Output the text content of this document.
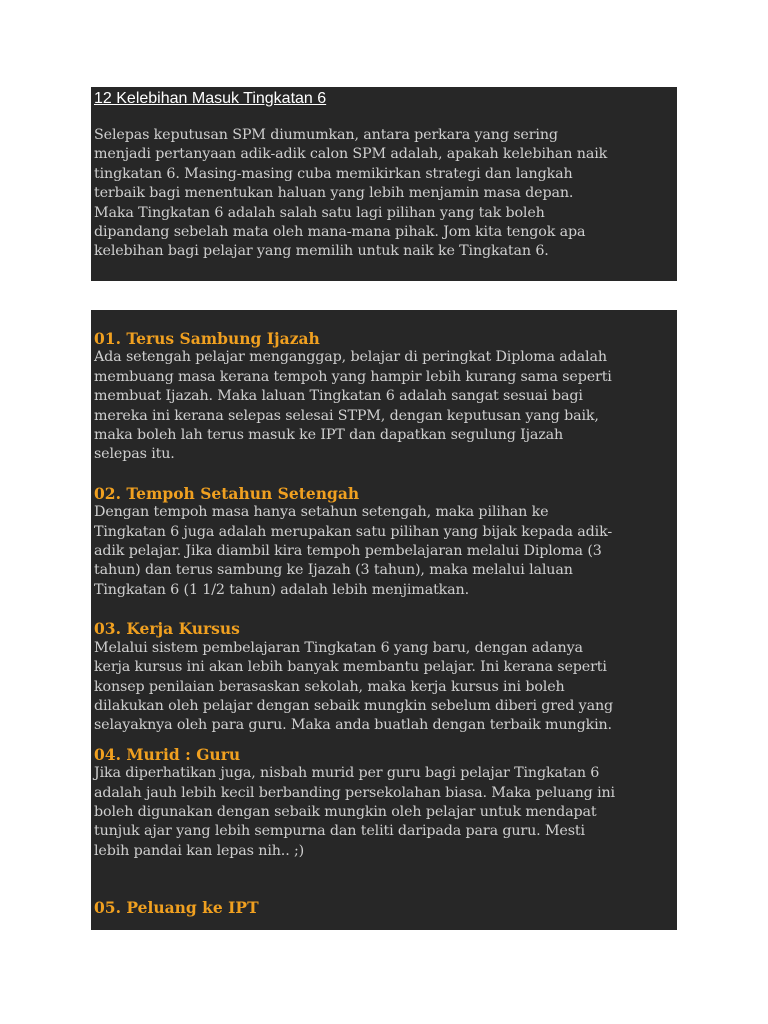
12 Kelebihan Masuk Tingkatan 6
Selepas keputusan SPM diumumkan, antara perkara yang sering
menjadi pertanyaan adik-adik calon SPM adalah, apakah kelebihan naik
tingkatan 6. Masing-masing cuba memikirkan strategi dan langkah
terbaik bagi menentukan haluan yang lebih menjamin masa depan.
Maka Tingkatan 6 adalah salah satu lagi pilihan yang tak boleh
dipandang sebelah mata oleh mana-mana pihak. Jom kita tengok apa
kelebihan bagi pelajar yang memilih untuk naik ke Tingkatan 6.
01. Terus Sambung Ijazah
Ada setengah pelajar menganggap, belajar di peringkat Diploma adalah
membuang masa kerana tempoh yang hampir lebih kurang sama seperti
membuat Ijazah. Maka laluan Tingkatan 6 adalah sangat sesuai bagi
mereka ini kerana selepas selesai STPM, dengan keputusan yang baik,
maka boleh lah terus masuk ke IPT dan dapatkan segulung Ijazah
selepas itu.
02. Tempoh Setahun Setengah
Dengan tempoh masa hanya setahun setengah, maka pilihan ke
Tingkatan 6 juga adalah merupakan satu pilihan yang bijak kepada adik-
adik pelajar. Jika diambil kira tempoh pembelajaran melalui Diploma (3
tahun) dan terus sambung ke Ijazah (3 tahun), maka melalui laluan
Tingkatan 6 (1 1/2 tahun) adalah lebih menjimatkan.
03. Kerja Kursus
Melalui sistem pembelajaran Tingkatan 6 yang baru, dengan adanya
kerja kursus ini akan lebih banyak membantu pelajar. Ini kerana seperti
konsep penilaian berasaskan sekolah, maka kerja kursus ini boleh
dilakukan oleh pelajar dengan sebaik mungkin sebelum diberi gred yang
selayaknya oleh para guru. Maka anda buatlah dengan terbaik mungkin.
04. Murid : Guru
Jika diperhatikan juga, nisbah murid per guru bagi pelajar Tingkatan 6
adalah jauh lebih kecil berbanding persekolahan biasa. Maka peluang ini
boleh digunakan dengan sebaik mungkin oleh pelajar untuk mendapat
tunjuk ajar yang lebih sempurna dan teliti daripada para guru. Mesti
lebih pandai kan lepas nih.. ;)
05. Peluang ke IPT
